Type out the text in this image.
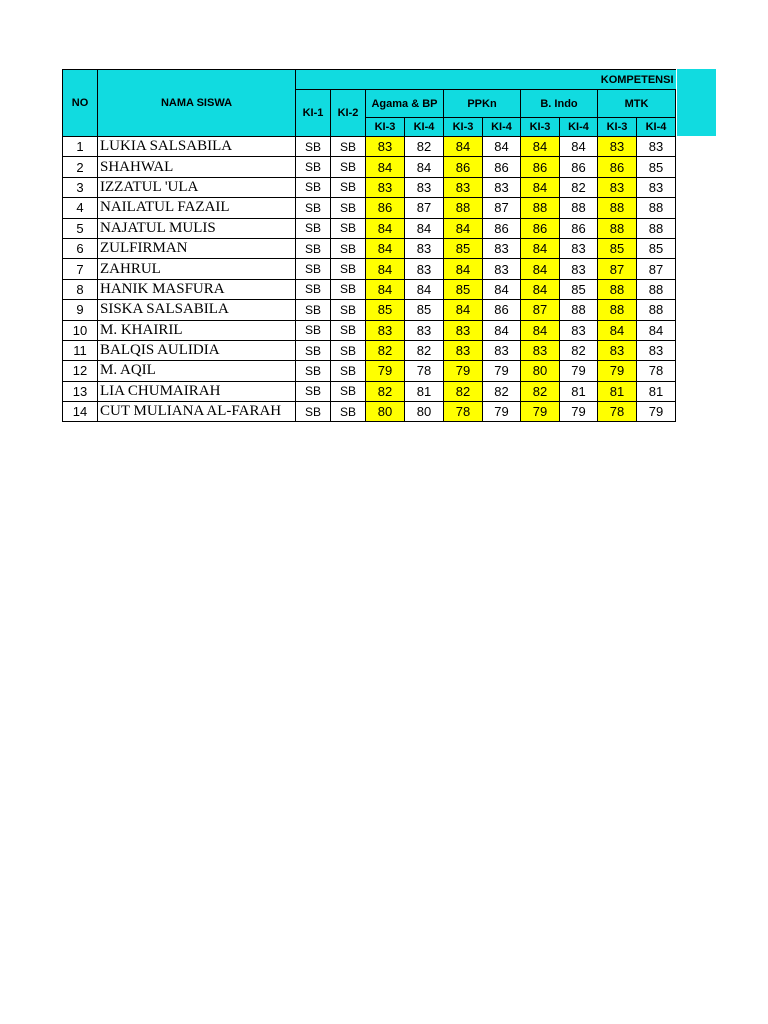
NO	NAMA SISWA	KOMPETENSI									
		KI-1	KI-2	Agama & BP		PPKn		B. Indo		MTK	
				KI-3	KI-4	KI-3	KI-4	KI-3	KI-4	KI-3	KI-4
1	LUKIA SALSABILA	SB	SB	83	82	84	84	84	84	83	83
2	SHAHWAL	SB	SB	84	84	86	86	86	86	86	85
3	IZZATUL 'ULA	SB	SB	83	83	83	83	84	82	83	83
4	NAILATUL FAZAIL	SB	SB	86	87	88	87	88	88	88	88
5	NAJATUL MULIS	SB	SB	84	84	84	86	86	86	88	88
6	ZULFIRMAN	SB	SB	84	83	85	83	84	83	85	85
7	ZAHRUL	SB	SB	84	83	84	83	84	83	87	87
8	HANIK MASFURA	SB	SB	84	84	85	84	84	85	88	88
9	SISKA SALSABILA	SB	SB	85	85	84	86	87	88	88	88
10	M. KHAIRIL	SB	SB	83	83	83	84	84	83	84	84
11	BALQIS AULIDIA	SB	SB	82	82	83	83	83	82	83	83
12	M. AQIL	SB	SB	79	78	79	79	80	79	79	78
13	LIA CHUMAIRAH	SB	SB	82	81	82	82	82	81	81	81
14	CUT MULIANA AL-FARAH	SB	SB	80	80	78	79	79	79	78	79
